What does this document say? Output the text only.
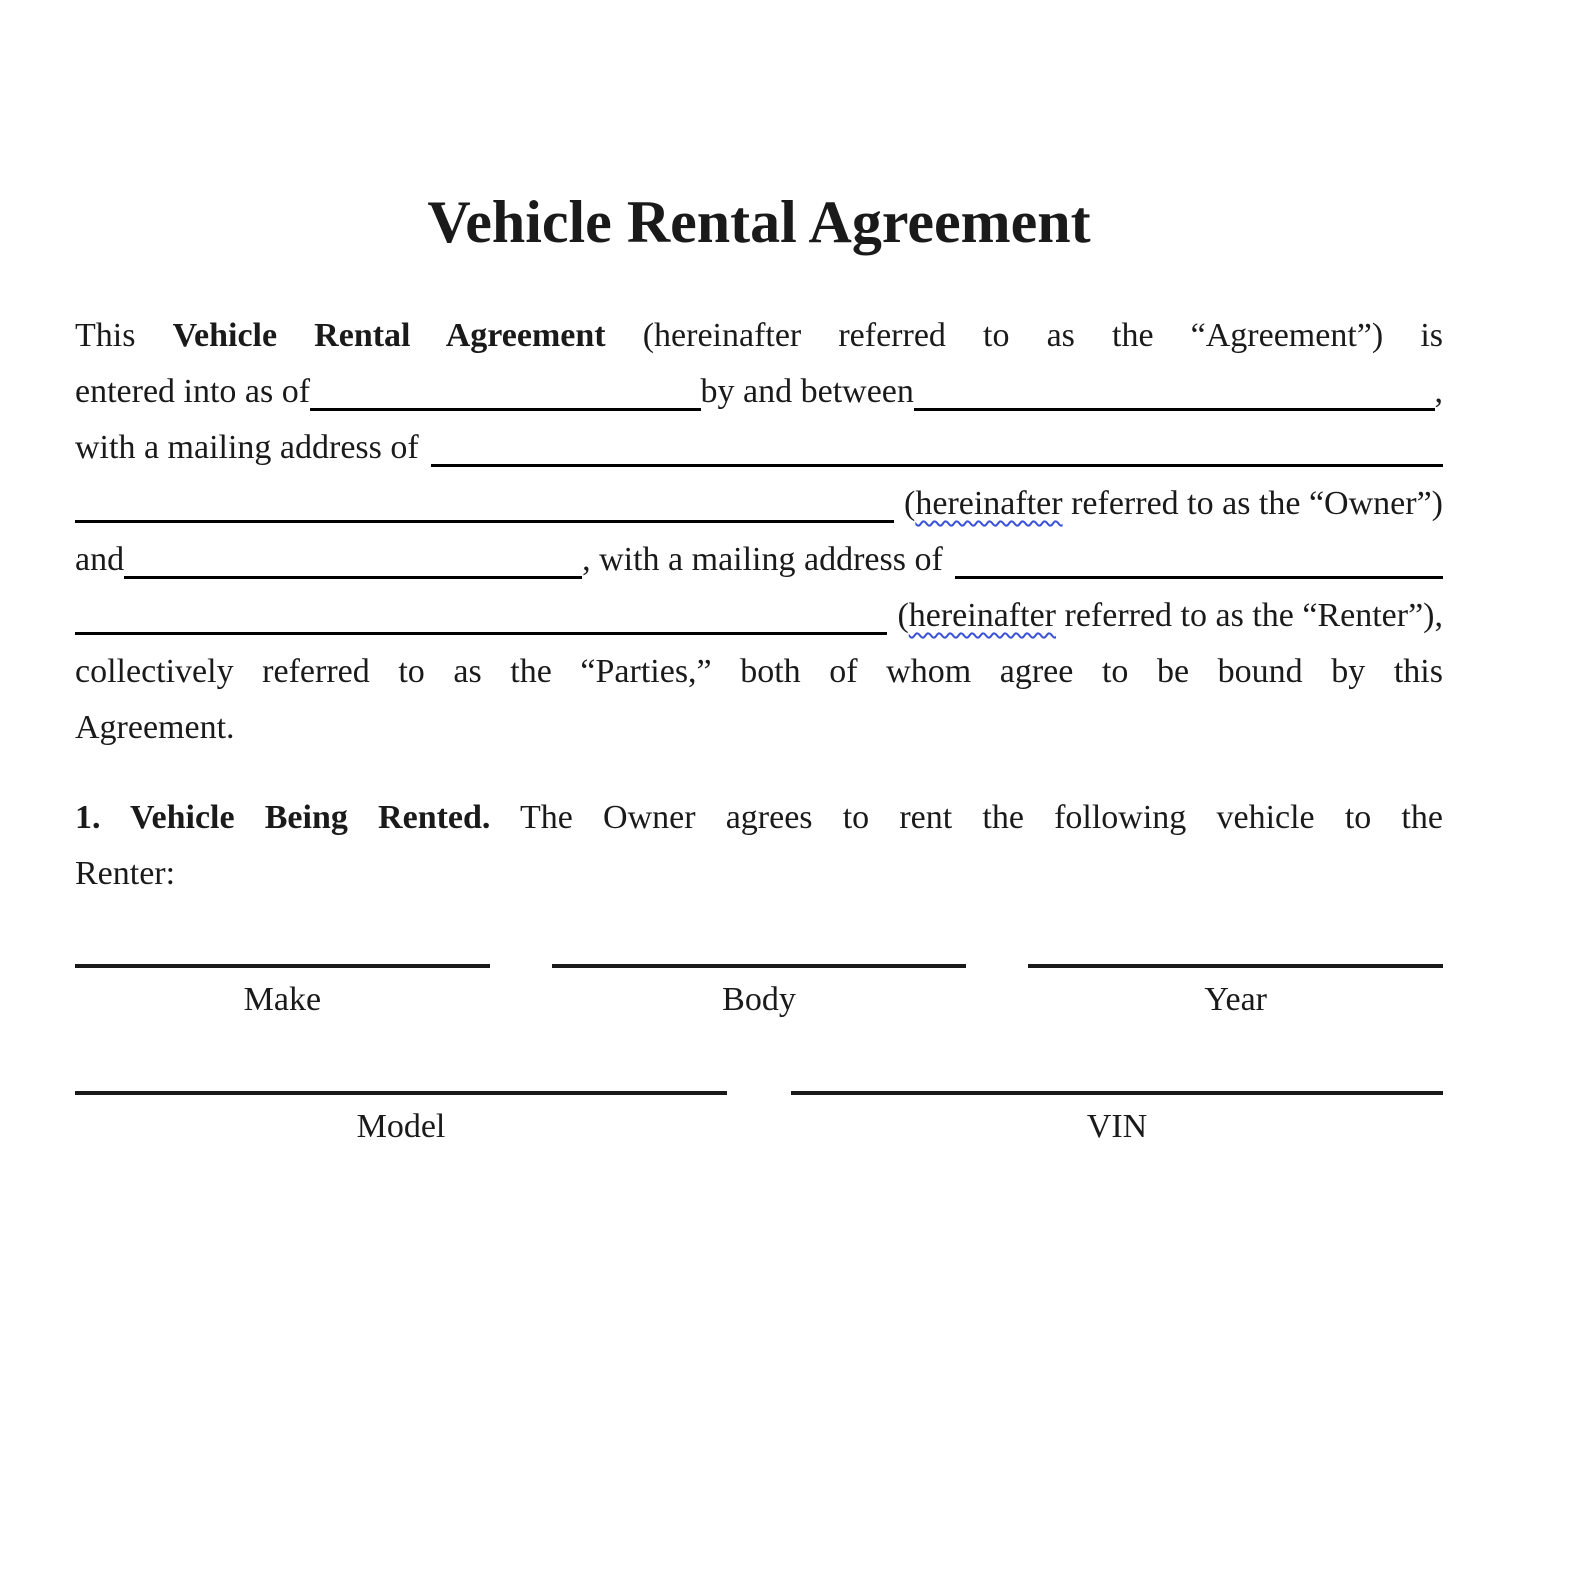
Vehicle Rental Agreement
This Vehicle Rental Agreement (hereinafter referred to as the “Agreement”) is
entered into as of	by and between	,
with a mailing address of
( hereinafter referred to as the “Owner”)
and	, with a mailing address of
( hereinafter referred to as the “Renter”),
collectively referred to as the “Parties,” both of whom agree to be bound by this
Agreement.
1. Vehicle Being Rented. The Owner agrees to rent the following vehicle to the
Renter:
Make	Body	Year
Model	VIN
